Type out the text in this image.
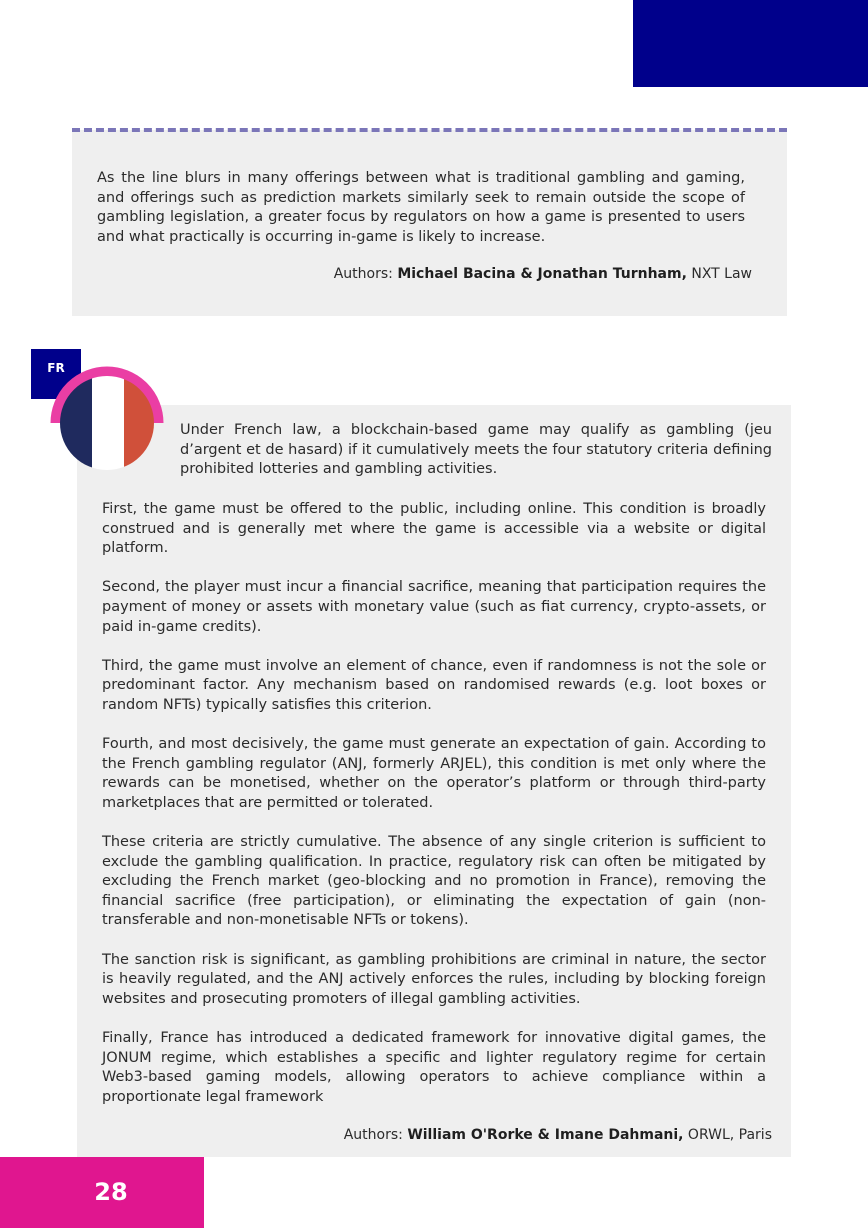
As the line blurs in many offerings between what is traditional gambling and gaming, and offerings such as prediction markets similarly seek to remain outside the scope of gambling legislation, a greater focus by regulators on how a game is presented to users and what practically is occurring in-game is likely to increase.

Authors: Michael Bacina & Jonathan Turnham, NXT Law

Under French law, a blockchain-based game may qualify as gambling (jeu d’argent et de hasard) if it cumulatively meets the four statutory criteria defining prohibited lotteries and gambling activities.

First, the game must be offered to the public, including online. This condition is broadly construed and is generally met where the game is accessible via a website or digital platform.

Second, the player must incur a financial sacrifice, meaning that participation requires the payment of money or assets with monetary value (such as fiat currency, crypto-assets, or paid in-game credits).

Third, the game must involve an element of chance, even if randomness is not the sole or predominant factor. Any mechanism based on randomised rewards (e.g. loot boxes or random NFTs) typically satisfies this criterion.

Fourth, and most decisively, the game must generate an expectation of gain. According to the French gambling regulator (ANJ, formerly ARJEL), this condition is met only where the rewards can be monetised, whether on the operator’s platform or through third-party marketplaces that are permitted or tolerated.

These criteria are strictly cumulative. The absence of any single criterion is sufficient to exclude the gambling qualification. In practice, regulatory risk can often be mitigated by excluding the French market (geo-blocking and no promotion in France), removing the financial sacrifice (free participation), or eliminating the expectation of gain (non-transferable and non-monetisable NFTs or tokens).

The sanction risk is significant, as gambling prohibitions are criminal in nature, the sector is heavily regulated, and the ANJ actively enforces the rules, including by blocking foreign websites and prosecuting promoters of illegal gambling activities.

Finally, France has introduced a dedicated framework for innovative digital games, the JONUM regime, which establishes a specific and lighter regulatory regime for certain Web3-based gaming models, allowing operators to achieve compliance within a proportionate legal framework

Authors: William O'Rorke & Imane Dahmani, ORWL, Paris

FR
28
